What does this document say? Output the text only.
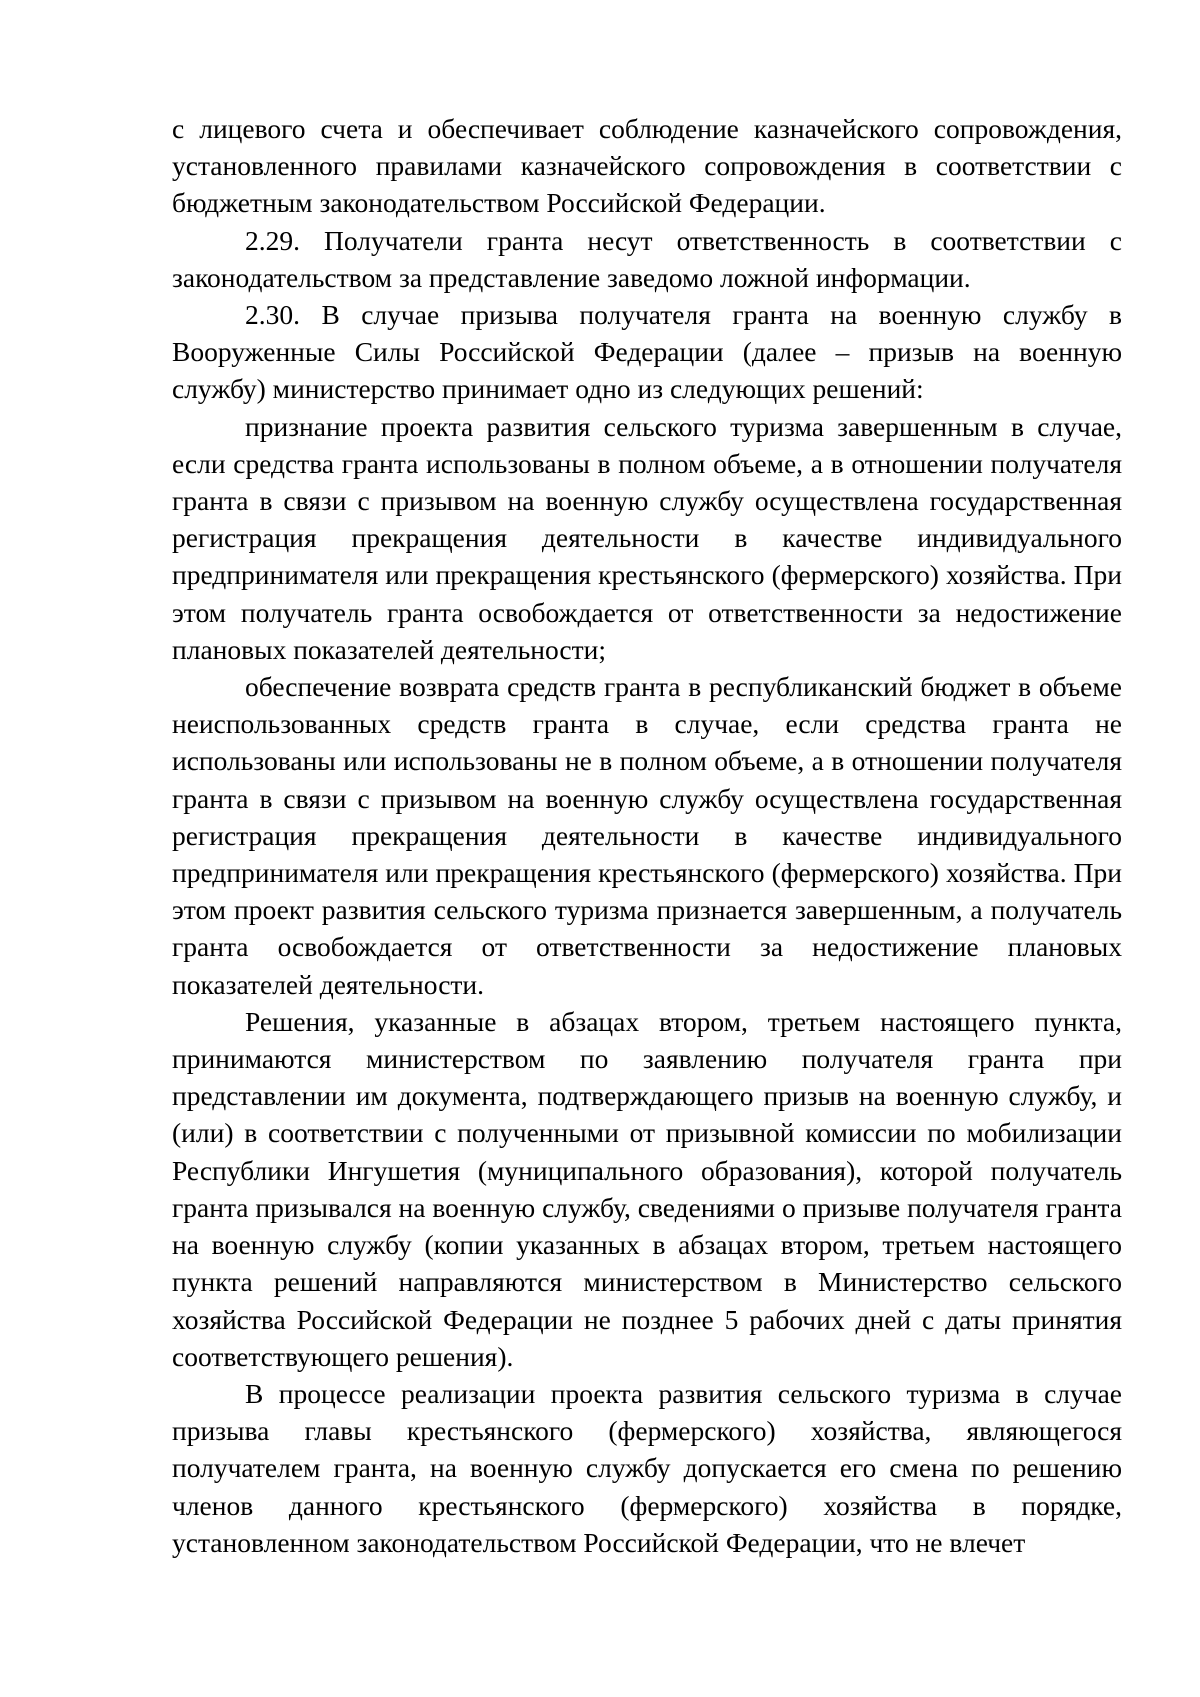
с лицевого счета и обеспечивает соблюдение казначейского сопровождения, установленного правилами казначейского сопровождения в соответствии с бюджетным законодательством Российской Федерации.

2.29. Получатели гранта несут ответственность в соответствии с законодательством за представление заведомо ложной информации.

2.30. В случае призыва получателя гранта на военную службу в Вооруженные Силы Российской Федерации (далее – призыв на военную службу) министерство принимает одно из следующих решений:

признание проекта развития сельского туризма завершенным в случае, если средства гранта использованы в полном объеме, а в отношении получателя гранта в связи с призывом на военную службу осуществлена государственная регистрация прекращения деятельности в качестве индивидуального предпринимателя или прекращения крестьянского (фермерского) хозяйства. При этом получатель гранта освобождается от ответственности за недостижение плановых показателей деятельности;

обеспечение возврата средств гранта в республиканский бюджет в объеме неиспользованных средств гранта в случае, если средства гранта не использованы или использованы не в полном объеме, а в отношении получателя гранта в связи с призывом на военную службу осуществлена государственная регистрация прекращения деятельности в качестве индивидуального предпринимателя или прекращения крестьянского (фермерского) хозяйства. При этом проект развития сельского туризма признается завершенным, а получатель гранта освобождается от ответственности за недостижение плановых показателей деятельности.

Решения, указанные в абзацах втором, третьем настоящего пункта, принимаются министерством по заявлению получателя гранта при представлении им документа, подтверждающего призыв на военную службу, и (или) в соответствии с полученными от призывной комиссии по мобилизации Республики Ингушетия (муниципального образования), которой получатель гранта призывался на военную службу, сведениями о призыве получателя гранта на военную службу (копии указанных в абзацах втором, третьем настоящего пункта решений направляются министерством в Министерство сельского хозяйства Российской Федерации не позднее 5 рабочих дней с даты принятия соответствующего решения).

В процессе реализации проекта развития сельского туризма в случае призыва главы крестьянского (фермерского) хозяйства, являющегося получателем гранта, на военную службу допускается его смена по решению членов данного крестьянского (фермерского) хозяйства в порядке, установленном законодательством Российской Федерации, что не влечет
